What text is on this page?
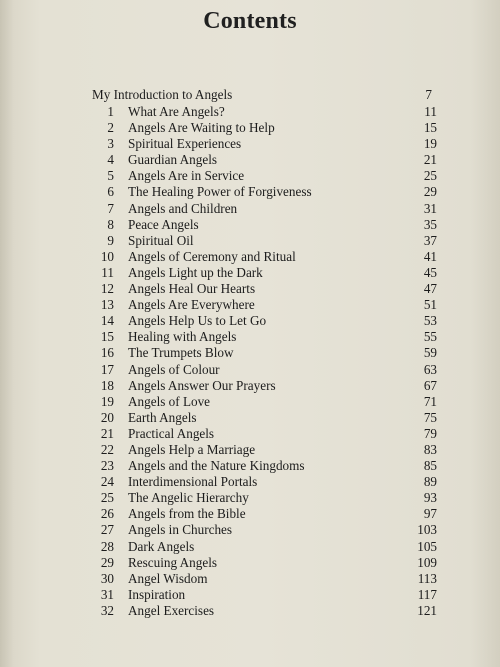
Contents
My Introduction to Angels	7
1 What Are Angels?	11
2 Angels Are Waiting to Help	15
3 Spiritual Experiences	19
4 Guardian Angels	21
5 Angels Are in Service	25
6 The Healing Power of Forgiveness	29
7 Angels and Children	31
8 Peace Angels	35
9 Spiritual Oil	37
10 Angels of Ceremony and Ritual	41
11 Angels Light up the Dark	45
12 Angels Heal Our Hearts	47
13 Angels Are Everywhere	51
14 Angels Help Us to Let Go	53
15 Healing with Angels	55
16 The Trumpets Blow	59
17 Angels of Colour	63
18 Angels Answer Our Prayers	67
19 Angels of Love	71
20 Earth Angels	75
21 Practical Angels	79
22 Angels Help a Marriage	83
23 Angels and the Nature Kingdoms	85
24 Interdimensional Portals	89
25 The Angelic Hierarchy	93
26 Angels from the Bible	97
27 Angels in Churches	103
28 Dark Angels	105
29 Rescuing Angels	109
30 Angel Wisdom	113
31 Inspiration	117
32 Angel Exercises	121
